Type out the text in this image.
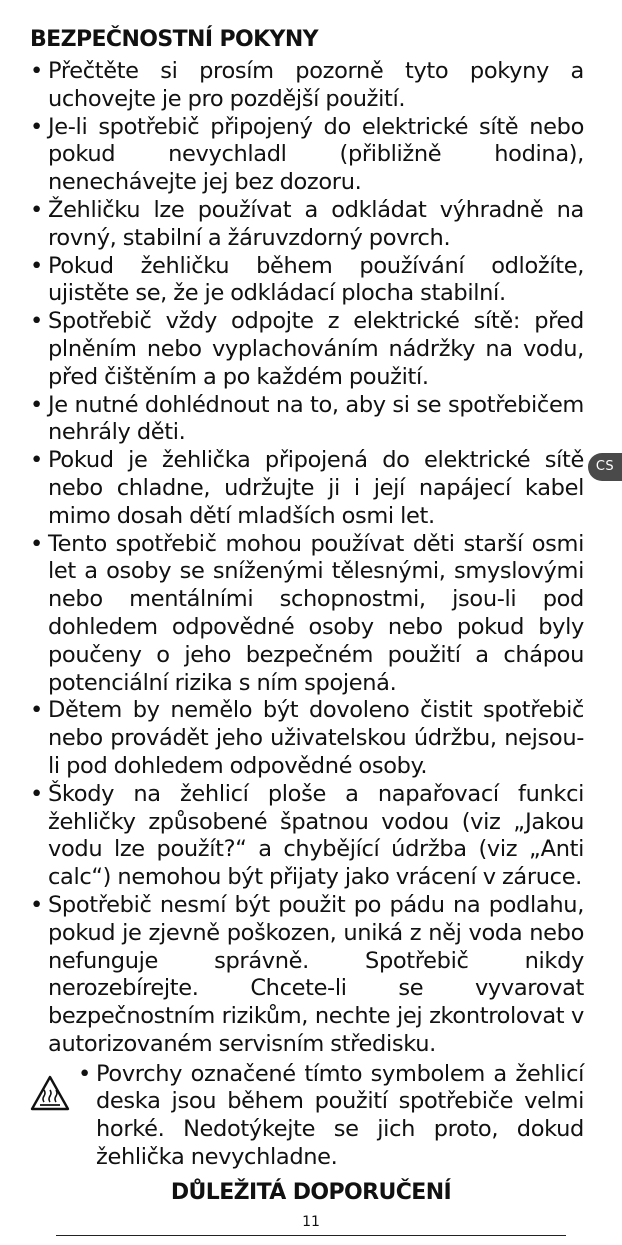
BEZPEČNOSTNÍ POKYNY
• Přečtěte si prosím pozorně tyto pokyny a uchovejte je pro pozdější použití.
• Je-li spotřebič připojený do elektrické sítě nebo pokud nevychladl (přibližně hodina), nenechávejte jej bez dozoru.
• Žehličku lze používat a odkládat výhradně na rovný, stabilní a žáruvzdorný povrch.
• Pokud žehličku během používání odložíte, ujistěte se, že je odkládací plocha stabilní.
• Spotřebič vždy odpojte z elektrické sítě: před plněním nebo vyplachováním nádržky na vodu, před čištěním a po každém použití.
• Je nutné dohlédnout na to, aby si se spotřebičem nehrály děti.
• Pokud je žehlička připojená do elektrické sítě nebo chladne, udržujte ji i její napájecí kabel mimo dosah dětí mladších osmi let.
• Tento spotřebič mohou používat děti starší osmi let a osoby se sníženými tělesnými, smyslovými nebo mentálními schopnostmi, jsou-li pod dohledem odpovědné osoby nebo pokud byly poučeny o jeho bezpečném použití a chápou potenciální rizika s ním spojená.
• Dětem by nemělo být dovoleno čistit spotřebič nebo provádět jeho uživatelskou údržbu, nejsou-li pod dohledem odpovědné osoby.
• Škody na žehlicí ploše a napařovací funkci žehličky způsobené špatnou vodou (viz „Jakou vodu lze použít?“ a chybějící údržba (viz „Anti calc“) nemohou být přijaty jako vrácení v záruce.
• Spotřebič nesmí být použit po pádu na podlahu, pokud je zjevně poškozen, uniká z něj voda nebo nefunguje správně. Spotřebič nikdy nerozebírejte. Chcete-li se vyvarovat bezpečnostním rizikům, nechte jej zkontrolovat v autorizovaném servisním středisku.
• Povrchy označené tímto symbolem a žehlicí deska jsou během použití spotřebiče velmi horké. Nedotýkejte se jich proto, dokud žehlička nevychladne.
CS
DŮLEŽITÁ DOPORUČENÍ
11
